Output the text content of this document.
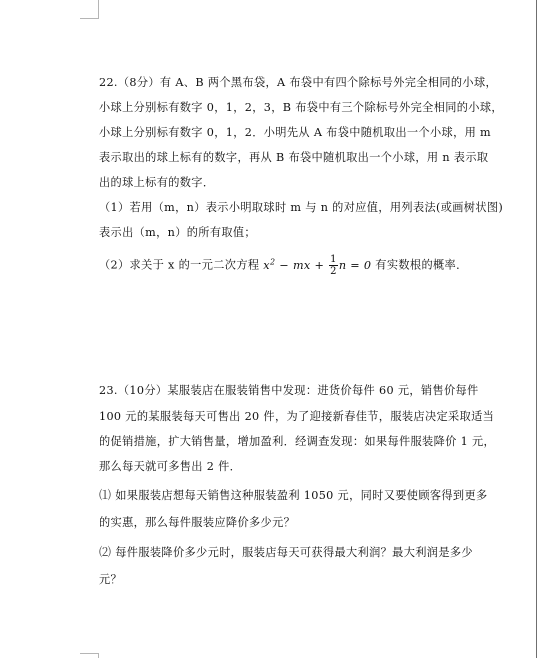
22.（8分）有 A、B 两个黑布袋，A 布袋中有四个除标号外完全相同的小球，
小球上分别标有数字 0，1，2，3，B 布袋中有三个除标号外完全相同的小球，
小球上分别标有数字 0，1，2．小明先从 A 布袋中随机取出一个小球，用 m
表示取出的球上标有的数字，再从 B 布袋中随机取出一个小球，用 n 表示取
出的球上标有的数字．
（1）若用（m，n）表示小明取球时 m 与 n 的对应值，用列表法(或画树状图)
表示出（m，n）的所有取值；
（2）求关于 x 的一元二次方程 $x^2$ − mx + $\frac{1}{2}$ n = 0 有实数根的概率．
23.（10分）某服装店在服装销售中发现：进货价每件 60 元，销售价每件
100 元的某服装每天可售出 20 件，为了迎接新春佳节，服装店决定采取适当
的促销措施，扩大销售量，增加盈利．经调查发现：如果每件服装降价 1 元，
那么每天就可多售出 2 件．
⑴ 如果服装店想每天销售这种服装盈利 1050 元，同时又要使顾客得到更多
的实惠，那么每件服装应降价多少元？
⑵ 每件服装降价多少元时，服装店每天可获得最大利润？最大利润是多少
元？
